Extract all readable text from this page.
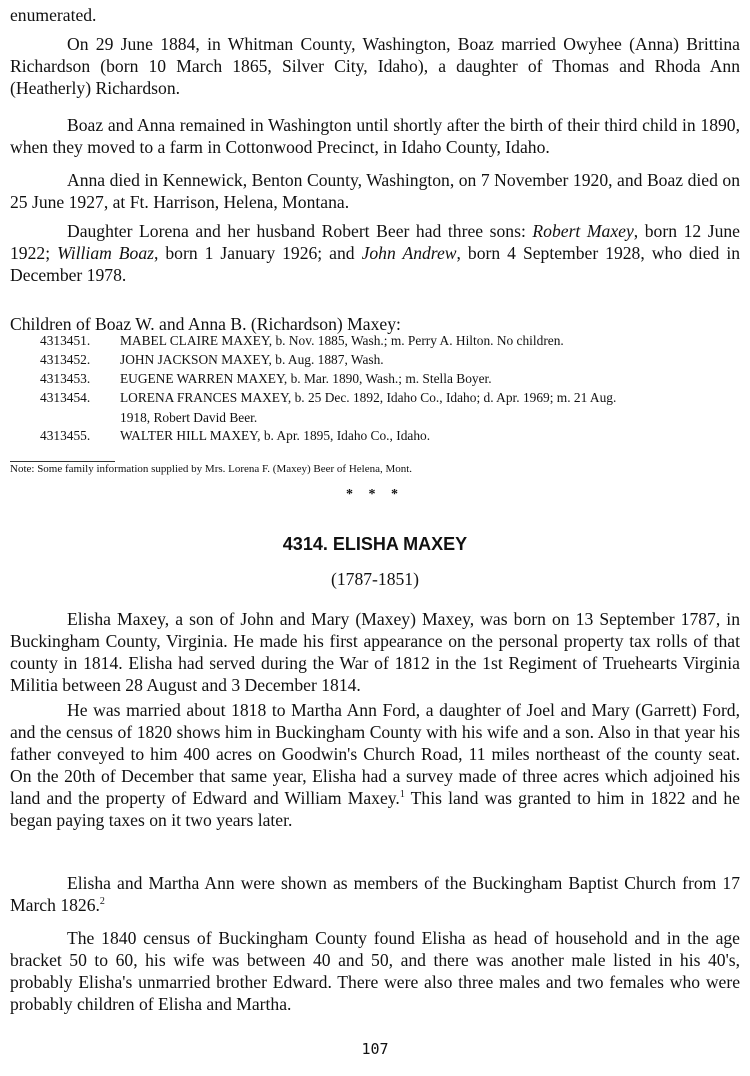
enumerated.

On 29 June 1884, in Whitman County, Washington, Boaz married Owyhee (Anna) Brittina Richardson (born 10 March 1865, Silver City, Idaho), a daughter of Thomas and Rhoda Ann (Heatherly) Richardson.

Boaz and Anna remained in Washington until shortly after the birth of their third child in 1890, when they moved to a farm in Cottonwood Precinct, in Idaho County, Idaho.

Anna died in Kennewick, Benton County, Washington, on 7 November 1920, and Boaz died on 25 June 1927, at Ft. Harrison, Helena, Montana.

Daughter Lorena and her husband Robert Beer had three sons: Robert Maxey, born 12 June 1922; William Boaz, born 1 January 1926; and John Andrew, born 4 September 1928, who died in December 1978.

Children of Boaz W. and Anna B. (Richardson) Maxey:
4313451. MABEL CLAIRE MAXEY, b. Nov. 1885, Wash.; m. Perry A. Hilton. No children.
4313452. JOHN JACKSON MAXEY, b. Aug. 1887, Wash.
4313453. EUGENE WARREN MAXEY, b. Mar. 1890, Wash.; m. Stella Boyer.
4313454. LORENA FRANCES MAXEY, b. 25 Dec. 1892, Idaho Co., Idaho; d. Apr. 1969; m. 21 Aug.
1918, Robert David Beer.
4313455. WALTER HILL MAXEY, b. Apr. 1895, Idaho Co., Idaho.
Note: Some family information supplied by Mrs. Lorena F. (Maxey) Beer of Helena, Mont.
* * *
4314. ELISHA MAXEY
(1787-1851)

Elisha Maxey, a son of John and Mary (Maxey) Maxey, was born on 13 September 1787, in Buckingham County, Virginia. He made his first appearance on the personal property tax rolls of that county in 1814. Elisha had served during the War of 1812 in the 1st Regiment of Truehearts Virginia Militia between 28 August and 3 December 1814.

He was married about 1818 to Martha Ann Ford, a daughter of Joel and Mary (Garrett) Ford, and the census of 1820 shows him in Buckingham County with his wife and a son. Also in that year his father conveyed to him 400 acres on Goodwin's Church Road, 11 miles northeast of the county seat. On the 20th of December that same year, Elisha had a survey made of three acres which adjoined his land and the property of Edward and William Maxey.$^1$ This land was granted to him in 1822 and he began paying taxes on it two years later.

Elisha and Martha Ann were shown as members of the Buckingham Baptist Church from 17 March 1826.$^2$

The 1840 census of Buckingham County found Elisha as head of household and in the age bracket 50 to 60, his wife was between 40 and 50, and there was another male listed in his 40's, probably Elisha's unmarried brother Edward. There were also three males and two females who were probably children of Elisha and Martha.

107
